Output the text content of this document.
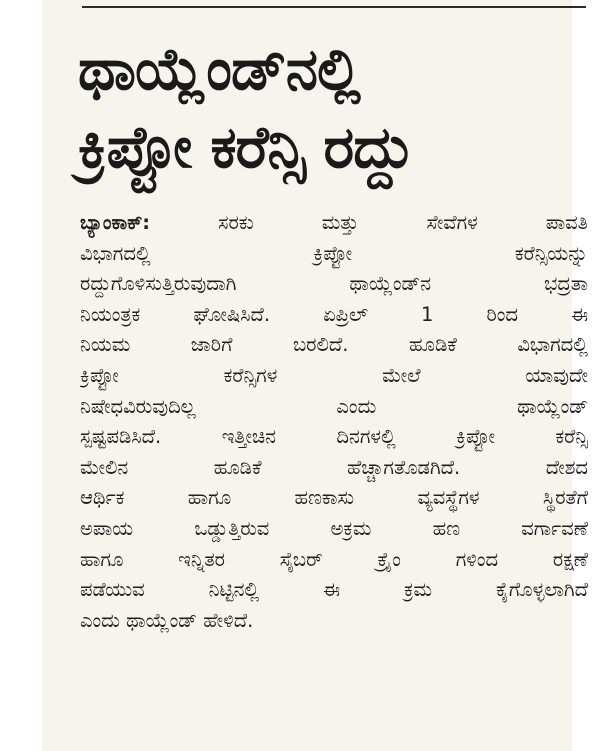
ಥಾಯ್ಲೆಂಡ್‌ನಲ್ಲಿ
ಕ್ರಿಪ್ಟೋ ಕರೆನ್ಸಿ ರದ್ದು
ಬ್ಯಾಂಕಾಕ್:	ಸರಕು ಮತ್ತು ಸೇವೆಗಳ ಪಾವತಿ
ವಿಭಾಗದಲ್ಲಿ ಕ್ರಿಪ್ಟೋ ಕರೆನ್ಸಿಯನ್ನು
ರದ್ದುಗೊಳಿಸುತ್ತಿರುವುದಾಗಿ ಥಾಯ್ಲೆಂಡ್‌ನ ಭದ್ರತಾ
ನಿಯಂತ್ರಕ ಘೋಷಿಸಿದೆ. ಏಪ್ರಿಲ್ 1 ರಿಂದ ಈ
ನಿಯಮ ಜಾರಿಗೆ ಬರಲಿದೆ. ಹೂಡಿಕೆ ವಿಭಾಗದಲ್ಲಿ
ಕ್ರಿಪ್ಟೋ ಕರೆನ್ಸಿಗಳ ಮೇಲೆ ಯಾವುದೇ
ನಿಷೇಧವಿರುವುದಿಲ್ಲ ಎಂದು ಥಾಯ್ಲೆಂಡ್
ಸ್ಪಷ್ಟಪಡಿಸಿದೆ. ಇತ್ತೀಚಿನ ದಿನಗಳಲ್ಲಿ ಕ್ರಿಪ್ಟೋ ಕರೆನ್ಸಿ
ಮೇಲಿನ ಹೂಡಿಕೆ ಹೆಚ್ಚಾಗತೊಡಗಿದೆ. ದೇಶದ
ಆರ್ಥಿಕ ಹಾಗೂ ಹಣಕಾಸು ವ್ಯವಸ್ಥೆಗಳ ಸ್ಥಿರತೆಗೆ
ಅಪಾಯ ಒಡ್ಡುತ್ತಿರುವ ಅಕ್ರಮ ಹಣ ವರ್ಗಾವಣೆ
ಹಾಗೂ ಇನ್ನಿತರ ಸೈಬರ್ ಕ್ರೈಂ ಗಳಿಂದ ರಕ್ಷಣೆ
ಪಡೆಯುವ ನಿಟ್ಟಿನಲ್ಲಿ ಈ ಕ್ರಮ ಕೈಗೊಳ್ಳಲಾಗಿದೆ
ಎಂದು ಥಾಯ್ಲೆಂಡ್ ಹೇಳಿದೆ.
